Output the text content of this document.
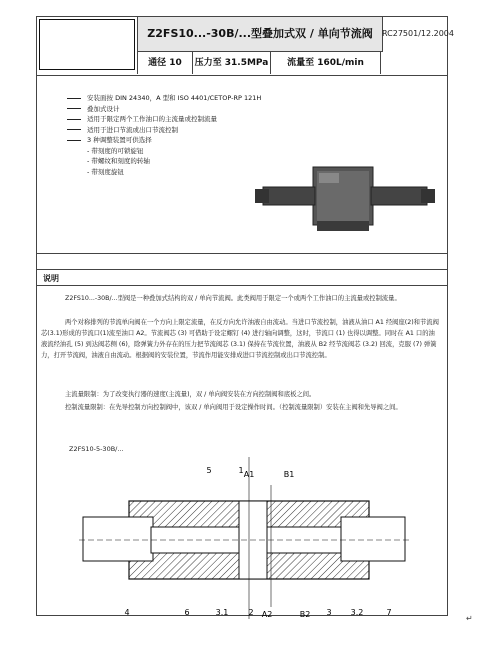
Z2FS10...-30B/...型叠加式双 / 单向节流阀	RC27501/12.2004
通径 10	压力至 31.5MPa	流量至 160L/min
安装面按 DIN 24340，A 型和 ISO 4401/CETOP-RP 121H
叠加式设计
适用于限定两个工作油口的主流量或控制流量
适用于进口节流或出口节流控制
3 种调整装置可供选择
- 带刻度的可锁旋钮
- 带螺纹和刻度的转轴
- 带刻度旋钮
说明
Z2FS10...-30B/...型阀是一种叠加式结构的双 / 单向节流阀。此类阀用于限定一个或两个工作油口的主流量或控制流量。
两个对称排列的节流单向阀在一个方向上限定流量，在反方向允许油液自由流动。当进口节流控制，油液从油口 A1 经阀座(2)和节流阀芯(3.1)形成的节流口(1)流至油口 A2。节流阀芯 (3) 可借助于设定螺钉 (4) 进行轴向调整，这时，节流口 (1) 也得以调整。同时在 A1 口的油液流经油孔 (5) 到达阀芯侧 (6)，除弹簧力外存在的压力把节流阀芯 (3.1) 保持在节流位置，油液从 B2 经节流阀芯 (3.2) 回流，克服 (7) 弹簧力，打开节流阀，油液自由流动。根据阀的安装位置，节流作用能安排成进口节流控制或出口节流控制。
主流量限制：为了改变执行器的速度(主流量)，双 / 单向阀安装在方向控制阀和底板之间。
控制流量限制：在先导控制方向控制阀中，该双 / 单向阀用于设定操作时间。（控制流量限制）安装在主阀和先导阀之间。
Z2FS10-5-30B/...
A1	B1
5	1
4	6	3.1	2 A2	B2 3 3.2	7
↵
